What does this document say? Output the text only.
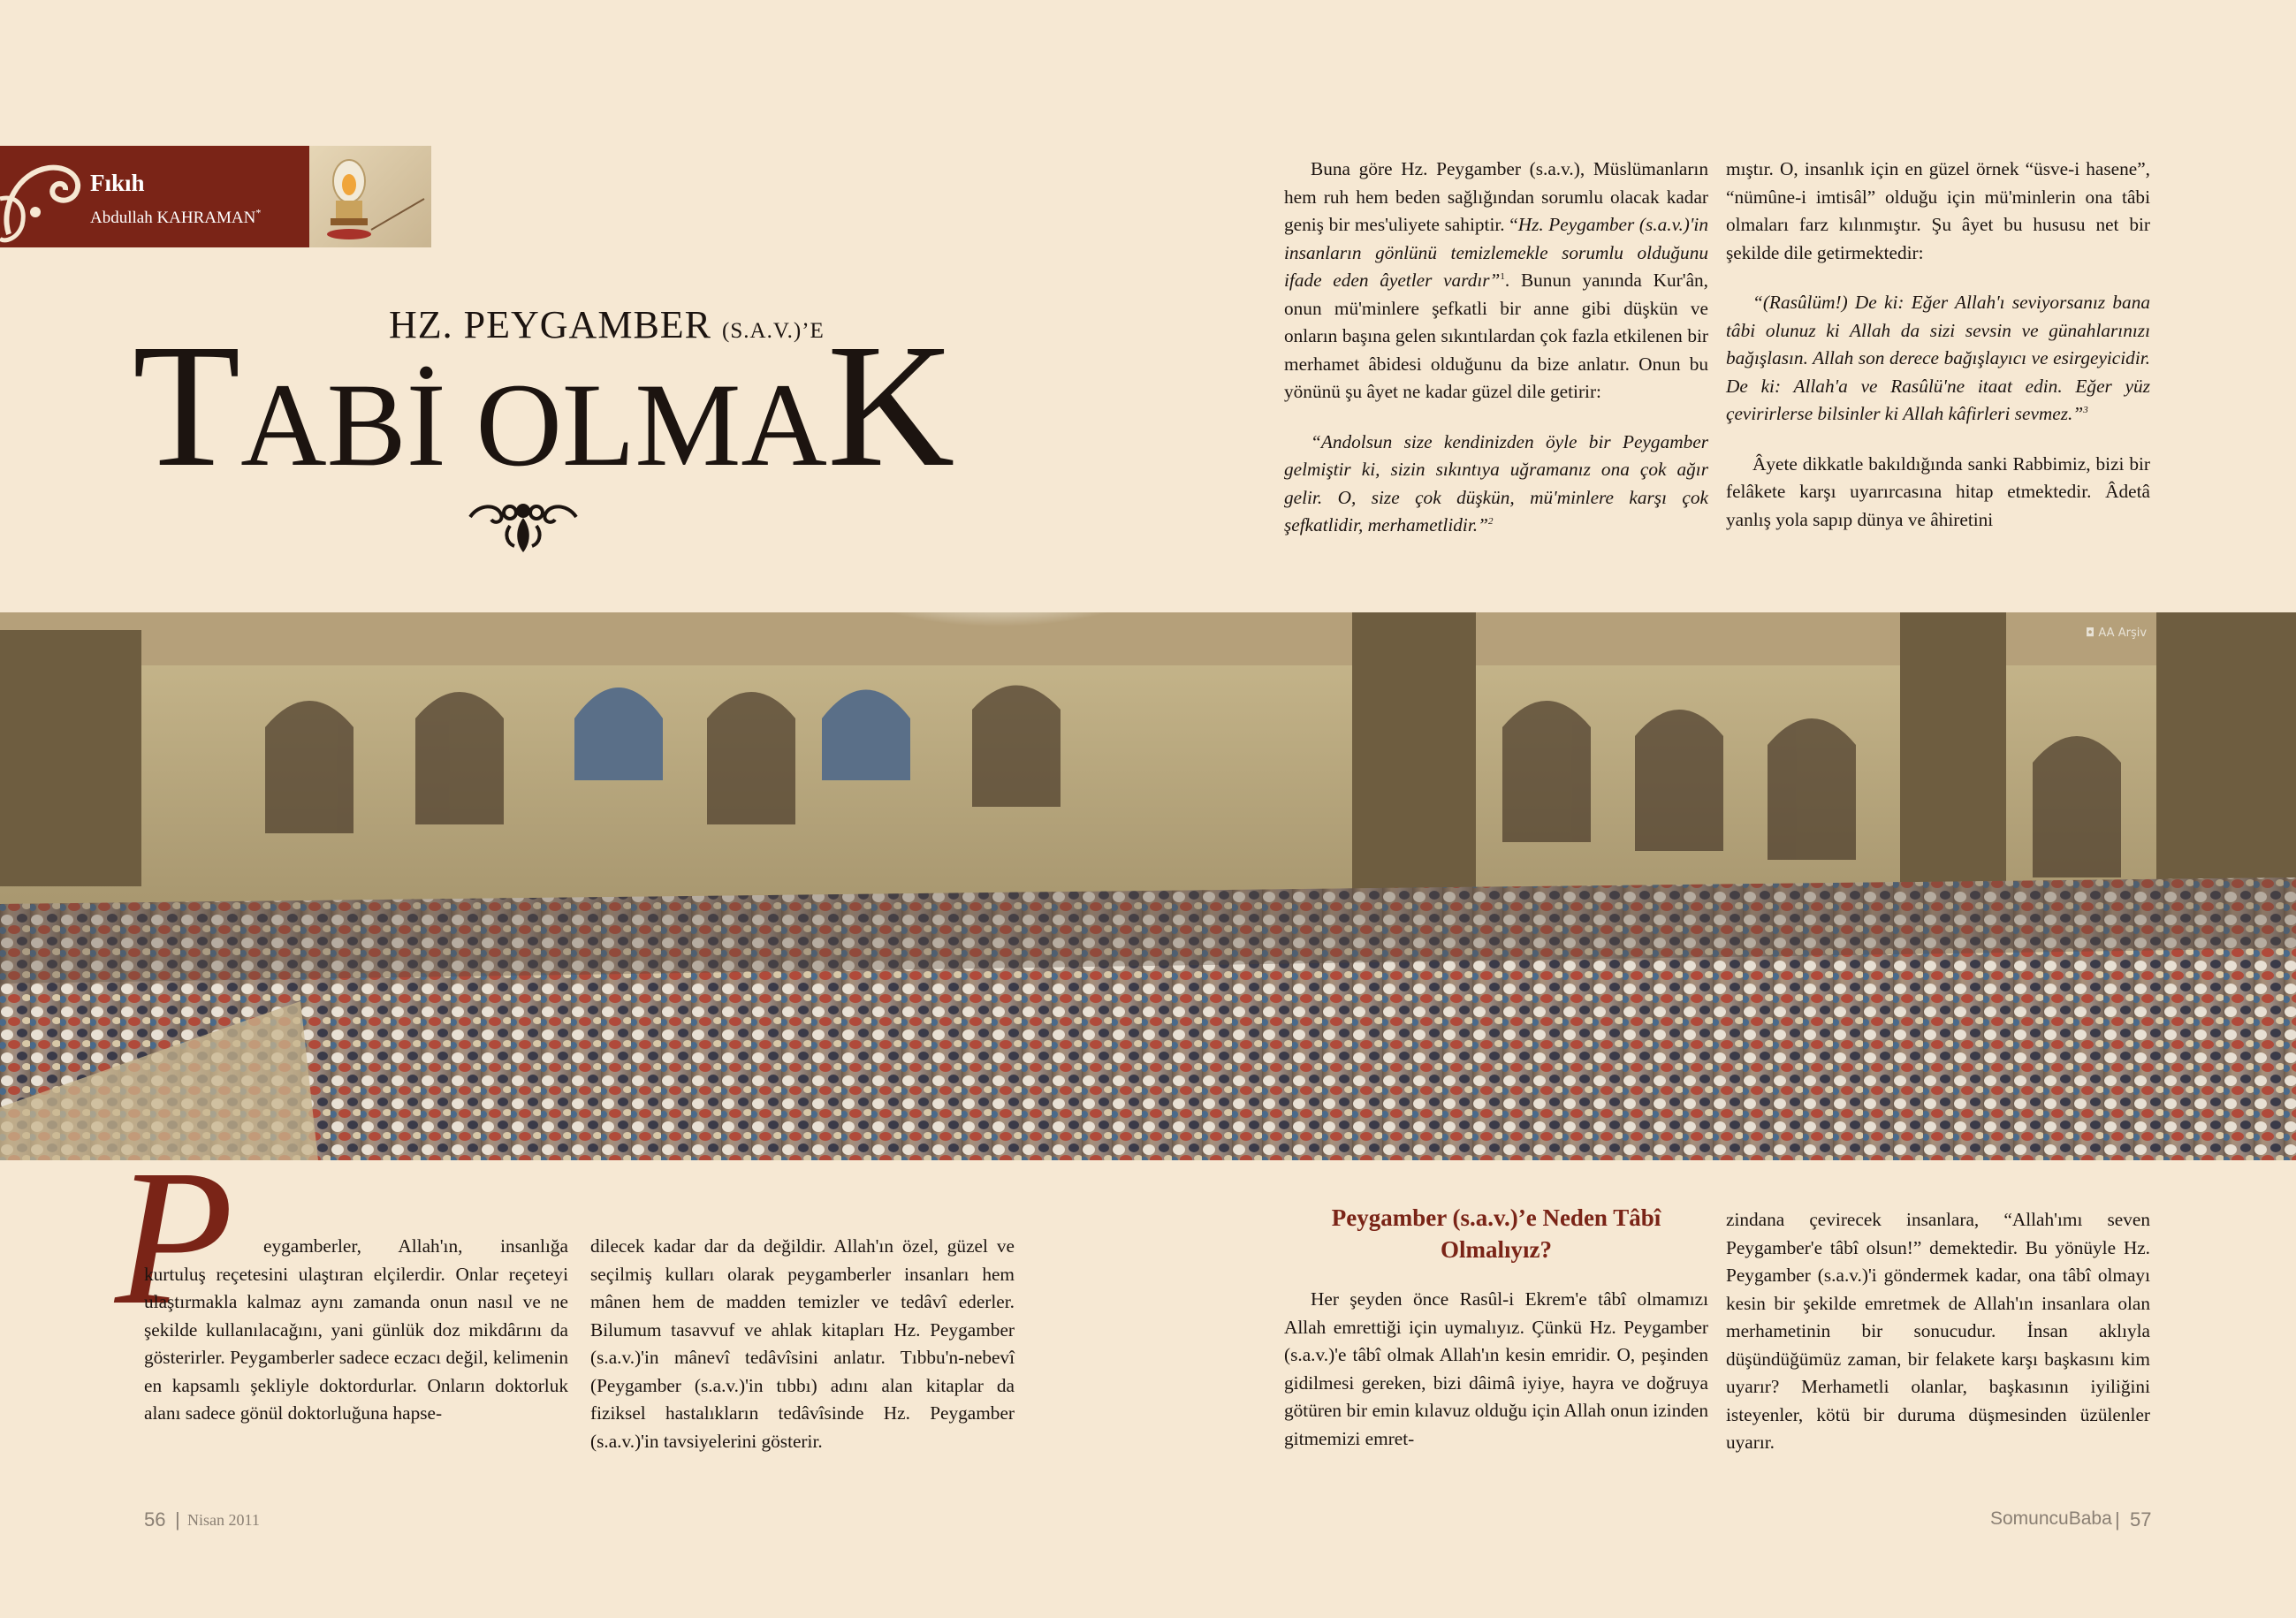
Fıkıh
Abdullah KAHRAMAN*
HZ. PEYGAMBER (S.A.V.)’E
TABİ OLMAK

Buna göre Hz. Peygamber (s.a.v.), Müslümanların hem ruh hem beden sağlığından sorumlu olacak kadar geniş bir mes'uliyete sahiptir. “Hz. Peygamber (s.a.v.)'in insanların gönlünü temizlemekle sorumlu olduğunu ifade eden âyetler vardır”$^1$. Bunun yanında Kur'ân, onun mü'minlere şefkatli bir anne gibi düşkün ve onların başına gelen sıkıntılardan çok fazla etkilenen bir merhamet âbidesi olduğunu da bize anlatır. Onun bu yönünü şu âyet ne kadar güzel dile getirir:

“Andolsun size kendinizden öyle bir Peygamber gelmiştir ki, sizin sıkıntıya uğramanız ona çok ağır gelir. O, size çok düşkün, mü'minlere karşı çok şefkatlidir, merhametlidir.”$^2$

mıştır. O, insanlık için en güzel örnek “üsve-i hasene”, “nümûne-i imtisâl” olduğu için mü'minlerin ona tâbi olmaları farz kılınmıştır. Şu âyet bu hususu net bir şekilde dile getirmektedir:

“(Rasûlüm!) De ki: Eğer Allah'ı seviyorsanız bana tâbi olunuz ki Allah da sizi sevsin ve günahlarınızı bağışlasın. Allah son derece bağışlayıcı ve esirgeyicidir. De ki: Allah'a ve Rasûlü'ne itaat edin. Eğer yüz çevirirlerse bilsinler ki Allah kâfirleri sevmez.”$^3$

Âyete dikkatle bakıldığında sanki Rabbimiz, bizi bir felâkete karşı uyarırcasına hitap etmektedir. Âdetâ yanlış yola sapıp dünya ve âhiretini

◘ AA Arşiv
P	eygamberler, Allah'ın, insanlığa kurtuluş reçetesini ulaştıran elçilerdir. Onlar reçeteyi ulaştırmakla kalmaz aynı zamanda onun nasıl ve ne şekilde kullanılacağını, yani günlük doz mikdârını da gösterirler. Peygamberler sadece eczacı değil, kelimenin en kapsamlı şekliyle doktordurlar. Onların doktorluk alanı sadece gönül doktorluğuna hapse-

dilecek kadar dar da değildir. Allah'ın özel, güzel ve seçilmiş kulları olarak peygamberler insanları hem mânen hem de madden temizler ve tedâvî ederler. Bilumum tasavvuf ve ahlak kitapları Hz. Peygamber (s.a.v.)'in mânevî tedâvîsini anlatır. Tıbbu'n-nebevî (Peygamber (s.a.v.)'in tıbbı) adını alan kitaplar da fiziksel hastalıkların tedâvîsinde Hz. Peygamber (s.a.v.)'in tavsiyelerini gösterir.

Peygamber (s.a.v.)’e Neden Tâbî Olmalıyız?

Her şeyden önce Rasûl-i Ekrem'e tâbî olmamızı Allah emrettiği için uymalıyız. Çünkü Hz. Peygamber (s.a.v.)'e tâbî olmak Allah'ın kesin emridir. O, peşinden gidilmesi gereken, bizi dâimâ iyiye, hayra ve doğruya götüren bir emin kılavuz olduğu için Allah onun izinden gitmemizi emret-

zindana çevirecek insanlara, “Allah'ımı seven Peygamber'e tâbî olsun!” demektedir. Bu yönüyle Hz. Peygamber (s.a.v.)'i göndermek kadar, ona tâbî olmayı kesin bir şekilde emretmek de Allah'ın insanlara olan merhametinin bir sonucudur. İnsan aklıyla düşündüğümüz zaman, bir felakete karşı başkasını kim uyarır? Merhametli olanlar, başkasının iyiliğini isteyenler, kötü bir duruma düşmesinden üzülenler uyarır.

56 | Nisan 2011	SomuncuBaba | 57
